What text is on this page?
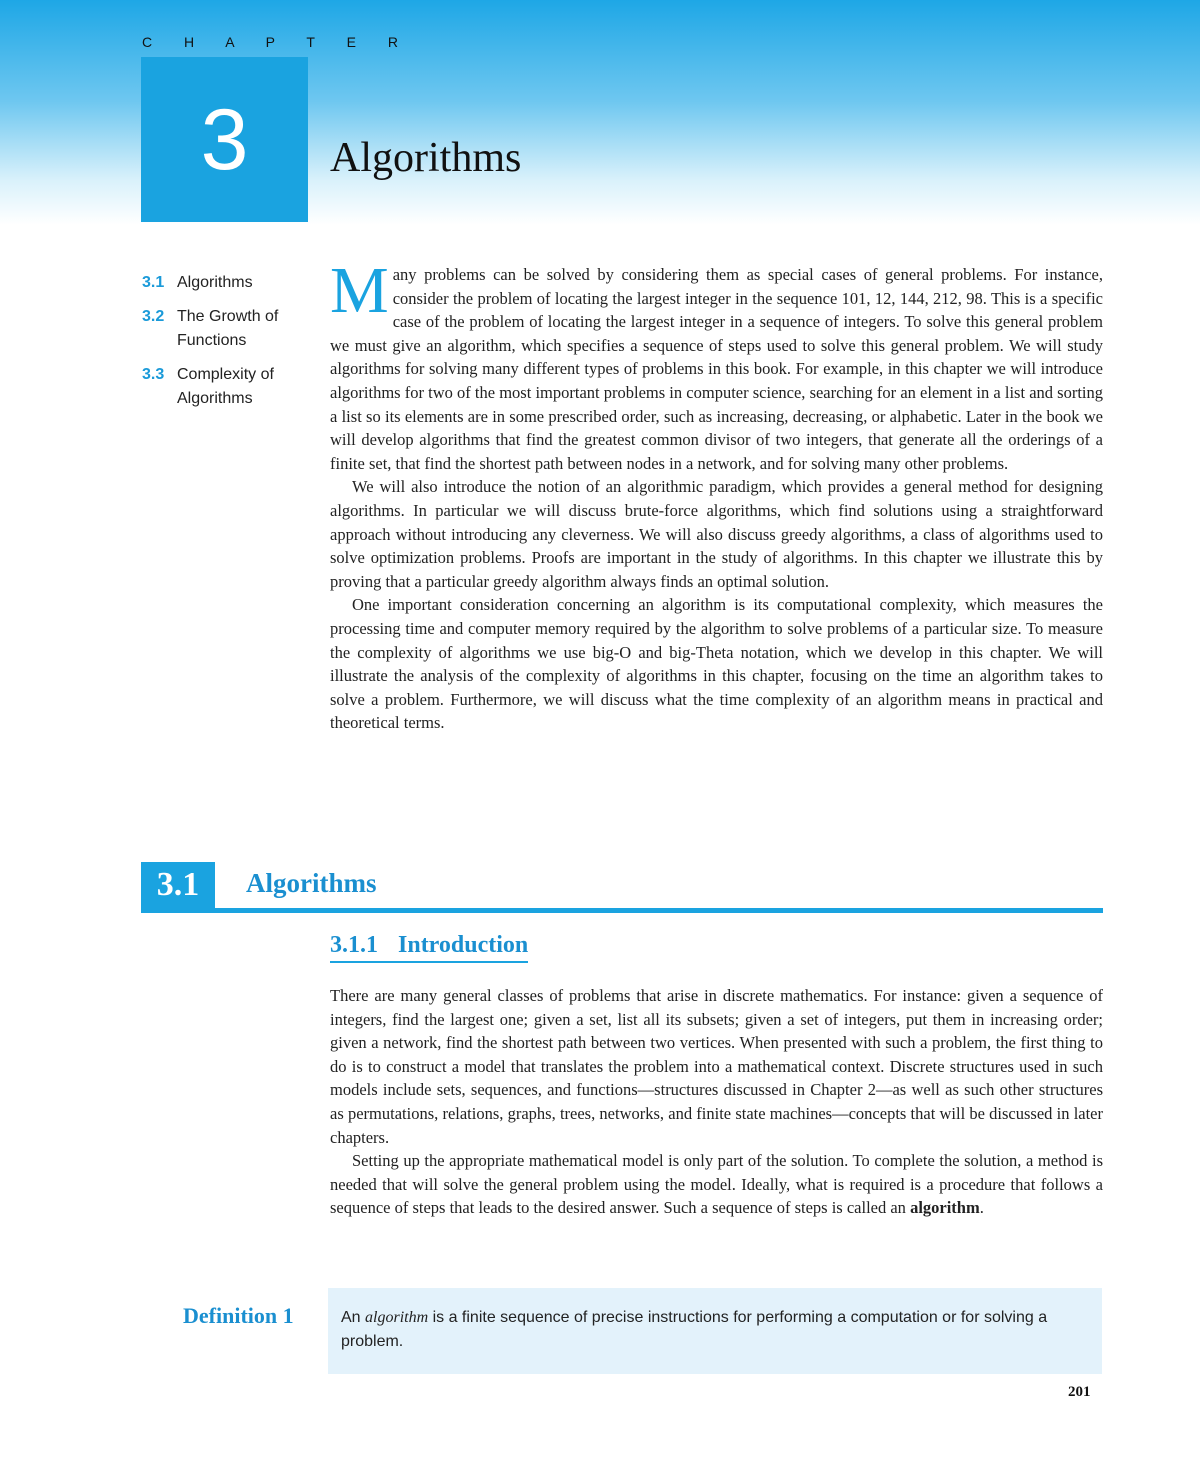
C H A P T E R
3 Algorithms
3.1 Algorithms
3.2 The Growth of Functions
3.3 Complexity of Algorithms

Many problems can be solved by considering them as special cases of general problems. For instance, consider the problem of locating the largest integer in the sequence 101, 12, 144, 212, 98. This is a specific case of the problem of locating the largest integer in a sequence of integers. To solve this general problem we must give an algorithm, which specifies a sequence of steps used to solve this general problem. We will study algorithms for solving many different types of problems in this book. For example, in this chapter we will introduce algorithms for two of the most important problems in computer science, searching for an element in a list and sorting a list so its elements are in some prescribed order, such as increasing, decreasing, or alphabetic. Later in the book we will develop algorithms that find the greatest common divisor of two integers, that generate all the orderings of a finite set, that find the shortest path between nodes in a network, and for solving many other problems.

We will also introduce the notion of an algorithmic paradigm, which provides a general method for designing algorithms. In particular we will discuss brute-force algorithms, which find solutions using a straightforward approach without introducing any cleverness. We will also discuss greedy algorithms, a class of algorithms used to solve optimization problems. Proofs are important in the study of algorithms. In this chapter we illustrate this by proving that a particular greedy algorithm always finds an optimal solution.

One important consideration concerning an algorithm is its computational complexity, which measures the processing time and computer memory required by the algorithm to solve problems of a particular size. To measure the complexity of algorithms we use big-O and big-Theta notation, which we develop in this chapter. We will illustrate the analysis of the complexity of algorithms in this chapter, focusing on the time an algorithm takes to solve a problem. Furthermore, we will discuss what the time complexity of an algorithm means in practical and theoretical terms.

3.1	Algorithms
3.1.1 Introduction

There are many general classes of problems that arise in discrete mathematics. For instance: given a sequence of integers, find the largest one; given a set, list all its subsets; given a set of integers, put them in increasing order; given a network, find the shortest path between two vertices. When presented with such a problem, the first thing to do is to construct a model that translates the problem into a mathematical context. Discrete structures used in such models include sets, sequences, and functions—structures discussed in Chapter 2—as well as such other structures as permutations, relations, graphs, trees, networks, and finite state machines—concepts that will be discussed in later chapters.

Setting up the appropriate mathematical model is only part of the solution. To complete the solution, a method is needed that will solve the general problem using the model. Ideally, what is required is a procedure that follows a sequence of steps that leads to the desired answer. Such a sequence of steps is called an algorithm.

Definition 1	An algorithm is a finite sequence of precise instructions for performing a computation or for solving a problem.
201
